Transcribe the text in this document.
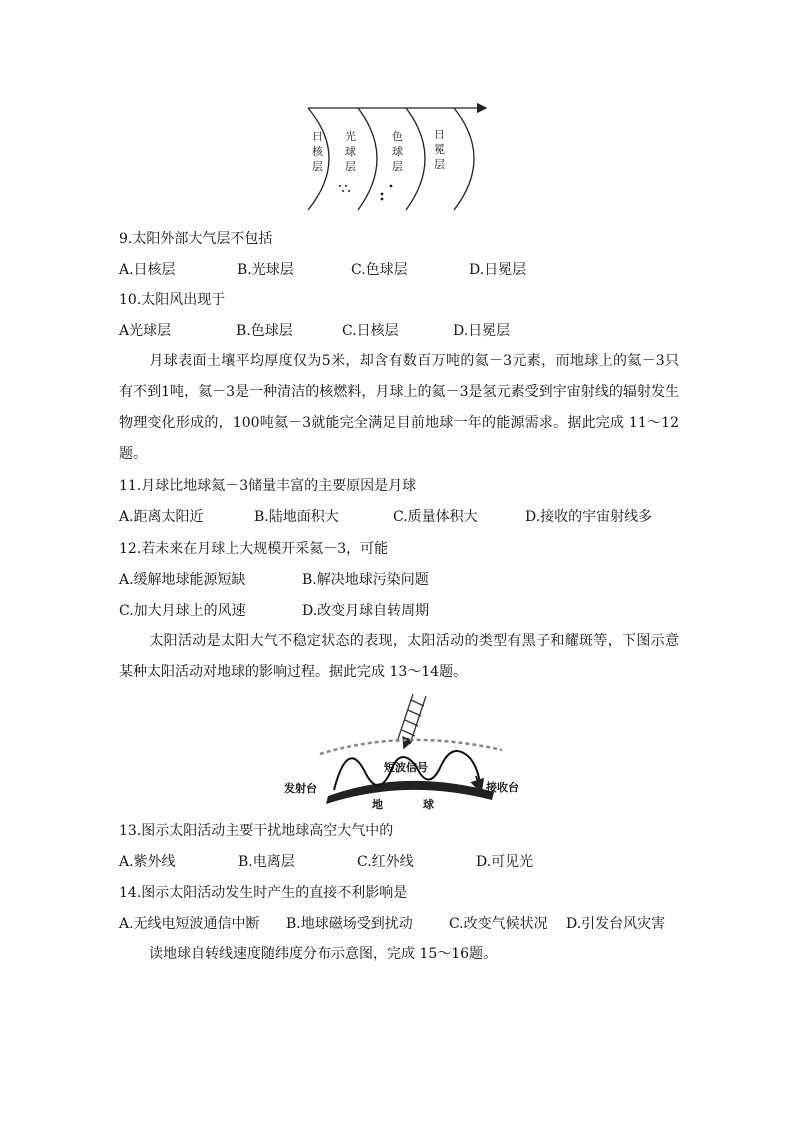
日核层
光球层
色球层
日冕层
9.太阳外部大气层不包括
A.日核层	B.光球层	C.色球层	D.日冕层
10.太阳风出现于
A光球层	B.色球层	C.日核层	D.日冕层
月球表面土壤平均厚度仅为5米，却含有数百万吨的氦－3元素，而地球上的氦－3只有不到1吨，氦－3是一种清洁的核燃料，月球上的氦－3是氢元素受到宇宙射线的辐射发生物理变化形成的，100吨氦－3就能完全满足目前地球一年的能源需求。据此完成 11～12题。
11.月球比地球氦－3储量丰富的主要原因是月球
A.距离太阳近	B.陆地面积大	C.质量体积大	D.接收的宇宙射线多
12.若未来在月球上大规模开采氦－3，可能
A.缓解地球能源短缺	B.解决地球污染问题
C.加大月球上的风速	D.改变月球自转周期
太阳活动是太阳大气不稳定状态的表现，太阳活动的类型有黑子和耀斑等，下图示意某种太阳活动对地球的影响过程。据此完成 13～14题。
短波信号
发射台	接收台
地	球
13.图示太阳活动主要干扰地球高空大气中的
A.紫外线	B.电离层	C.红外线	D.可见光
14.图示太阳活动发生时产生的直接不利影响是
A.无线电短波通信中断 B.地球磁场受到扰动	C.改变气候状况 D.引发台风灾害
读地球自转线速度随纬度分布示意图，完成 15～16题。
